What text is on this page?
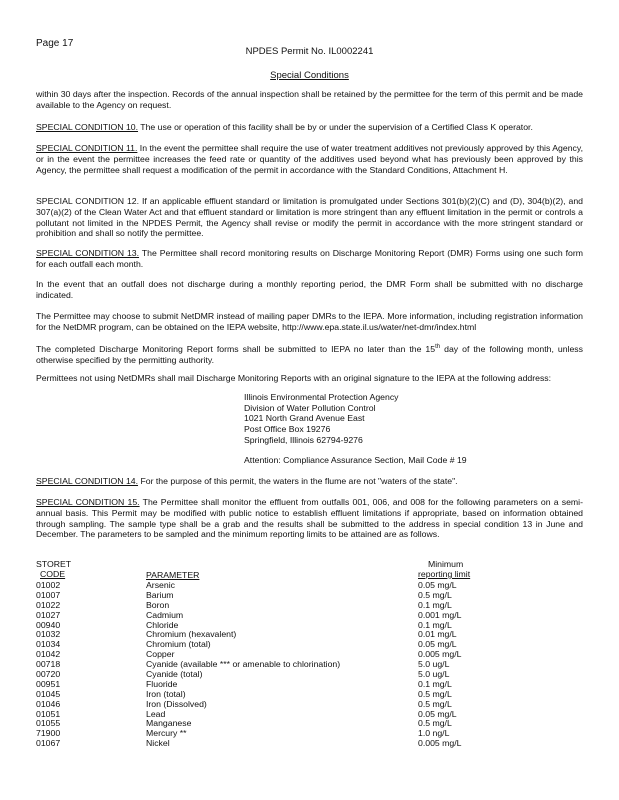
Page 17
NPDES Permit No. IL0002241
Special Conditions
within 30 days after the inspection. Records of the annual inspection shall be retained by the permittee for the term of this permit and be made available to the Agency on request.
SPECIAL CONDITION 10. The use or operation of this facility shall be by or under the supervision of a Certified Class K operator.
SPECIAL CONDITION 11. In the event the permittee shall require the use of water treatment additives not previously approved by this Agency, or in the event the permittee increases the feed rate or quantity of the additives used beyond what has previously been approved by this Agency, the permittee shall request a modification of the permit in accordance with the Standard Conditions, Attachment H.
SPECIAL CONDITION 12. If an applicable effluent standard or limitation is promulgated under Sections 301(b)(2)(C) and (D), 304(b)(2), and 307(a)(2) of the Clean Water Act and that effluent standard or limitation is more stringent than any effluent limitation in the permit or controls a pollutant not limited in the NPDES Permit, the Agency shall revise or modify the permit in accordance with the more stringent standard or prohibition and shall so notify the permittee.
SPECIAL CONDITION 13. The Permittee shall record monitoring results on Discharge Monitoring Report (DMR) Forms using one such form for each outfall each month.
In the event that an outfall does not discharge during a monthly reporting period, the DMR Form shall be submitted with no discharge indicated.
The Permittee may choose to submit NetDMR instead of mailing paper DMRs to the IEPA. More information, including registration information for the NetDMR program, can be obtained on the IEPA website, http://www.epa.state.il.us/water/net-dmr/index.html
The completed Discharge Monitoring Report forms shall be submitted to IEPA no later than the 15th day of the following month, unless otherwise specified by the permitting authority.
Permittees not using NetDMRs shall mail Discharge Monitoring Reports with an original signature to the IEPA at the following address:
Illinois Environmental Protection Agency
Division of Water Pollution Control
1021 North Grand Avenue East
Post Office Box 19276
Springfield, Illinois 62794-9276
Attention: Compliance Assurance Section, Mail Code # 19
SPECIAL CONDITION 14. For the purpose of this permit, the waters in the flume are not "waters of the state".
SPECIAL CONDITION 15. The Permittee shall monitor the effluent from outfalls 001, 006, and 008 for the following parameters on a semi-annual basis. This Permit may be modified with public notice to establish effluent limitations if appropriate, based on information obtained through sampling. The sample type shall be a grab and the results shall be submitted to the address in special condition 13 in June and December. The parameters to be sampled and the minimum reporting limits to be attained are as follows.
STORET
CODE	PARAMETER
Minimum
reporting limit
01002	Arsenic	0.05 mg/L
01007	Barium	0.5 mg/L
01022	Boron	0.1 mg/L
01027	Cadmium	0.001 mg/L
00940	Chloride	0.1 mg/L
01032	Chromium (hexavalent)	0.01 mg/L
01034	Chromium (total)	0.05 mg/L
01042	Copper	0.005 mg/L
00718	Cyanide (available *** or amenable to chlorination)	5.0 ug/L
00720	Cyanide (total)	5.0 ug/L
00951	Fluoride	0.1 mg/L
01045	Iron (total)	0.5 mg/L
01046	Iron (Dissolved)	0.5 mg/L
01051	Lead	0.05 mg/L
01055	Manganese	0.5 mg/L
71900	Mercury **	1.0 ng/L
01067	Nickel	0.005 mg/L
